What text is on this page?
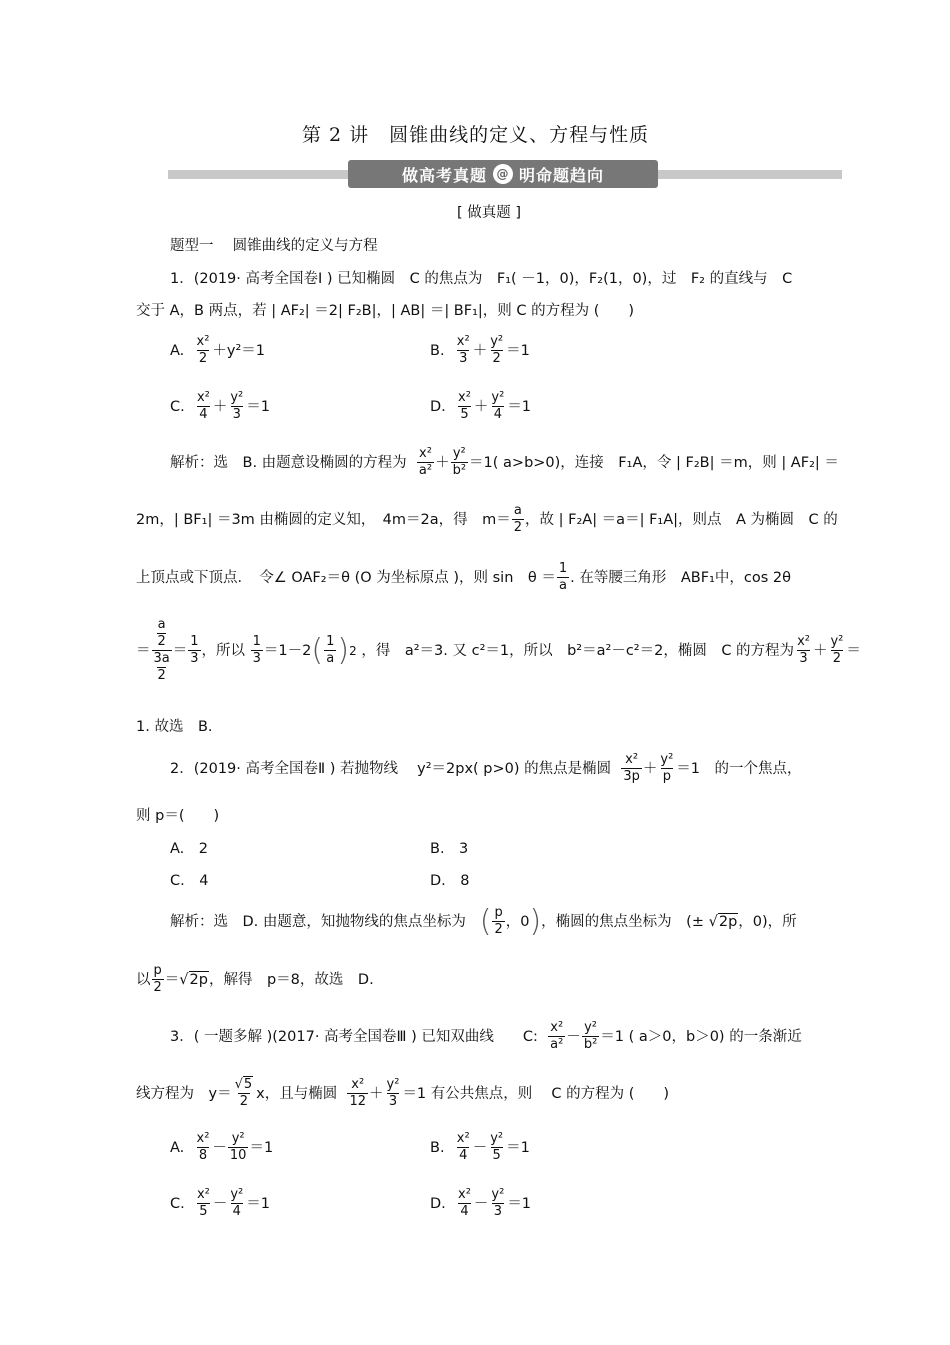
第 2 讲　圆锥曲线的定义、方程与性质
做高考真题 @ 明命题趋向
[ 做真题 ]
题型一　 圆锥曲线的定义与方程
1．(2019· 高考全国卷Ⅰ ) 已知椭圆　C 的焦点为　F₁( －1，0)，F₂(1，0)，过　F₂ 的直线与　C
交于 A，B 两点，若 | AF₂| ＝2| F₂B|，| AB| ＝| BF₁|，则 C 的方程为 (　　)
A.
$\frac{\text{x²}}{2} +y^2=1$	B.
$\frac{\text{x²}}{3} + \frac{\text{y²}}{2} =1$
C.
$\frac{\text{x²}}{4} + \frac{\text{y²}}{3} =1$	D.
$\frac{\text{x²}}{5} + \frac{\text{y²}}{4} =1$
解析：选　B. 由题意设椭圆的方程为
$\frac{\text{x²}}{\text{a²}} + \frac{\text{y²}}{\text{b²}} =1$( a>b>0)，连接　F₁A，令 | F₂B| ＝m，则 | AF₂| ＝
2m，| BF₁| ＝3m 由椭圆的定义知，　4m＝2a，得　$m= \frac{a}{2}$ ，故 | F₂A| ＝a＝| F₁A|，则点　A 为椭圆　C 的
上顶点或下顶点．　令∠ OAF₂＝θ (O 为坐标原点 )，则 sin　$\theta = \frac{1}{a}$ . 在等腰三角形　ABF₁中，cos 2θ
＝ a
2
3a
$2 = \frac{1}{3}$ ，所以
$\frac{1}{3} =1-2$ ( $\frac{1}{a}$ ) 2
，得　a²＝3. 又 c²＝1，所以　b²＝a²－c²＝2，椭圆　C 的方程为 $\frac{\text{x²}}{3} + \frac{\text{y²}}{2}$ ＝
1. 故选　B.
2．(2019· 高考全国卷Ⅱ ) 若抛物线　 y²＝2px( p>0) 的焦点是椭圆
$\frac{\text{x²}}{3p} + \frac{\text{y²}}{p} =1$　的一个焦点，
则 p＝(　　)
A.　2	B.　3
C.　4	D.　8
解析：选　D. 由题意，知抛物线的焦点坐标为
( $\frac{p}{2}$ ，0 ) ，椭圆的焦点坐标为　(±
√2p ，0)，所
以 $\frac{p}{2} = √2p$ ，解得　p＝8，故选　D.
3．( 一题多解 )(2017· 高考全国卷Ⅲ ) 已知双曲线　　C:
$\frac{\text{x²}}{\text{a²}} - \frac{\text{y²}}{\text{b²}} =1$ ( a＞0，b＞0) 的一条渐近
线方程为　$y= \frac{√5}{2}$ x，且与椭圆
$\frac{\text{x²}}{12} + \frac{\text{y²}}{3} =1$ 有公共焦点，则　 C 的方程为 (　　)
A.
$\frac{\text{x²}}{8} - \frac{\text{y²}}{10} =1$	B.
$\frac{\text{x²}}{4} - \frac{\text{y²}}{5} =1$
C.
$\frac{\text{x²}}{5} - \frac{\text{y²}}{4} =1$	D.
$\frac{\text{x²}}{4} - \frac{\text{y²}}{3} =1$
